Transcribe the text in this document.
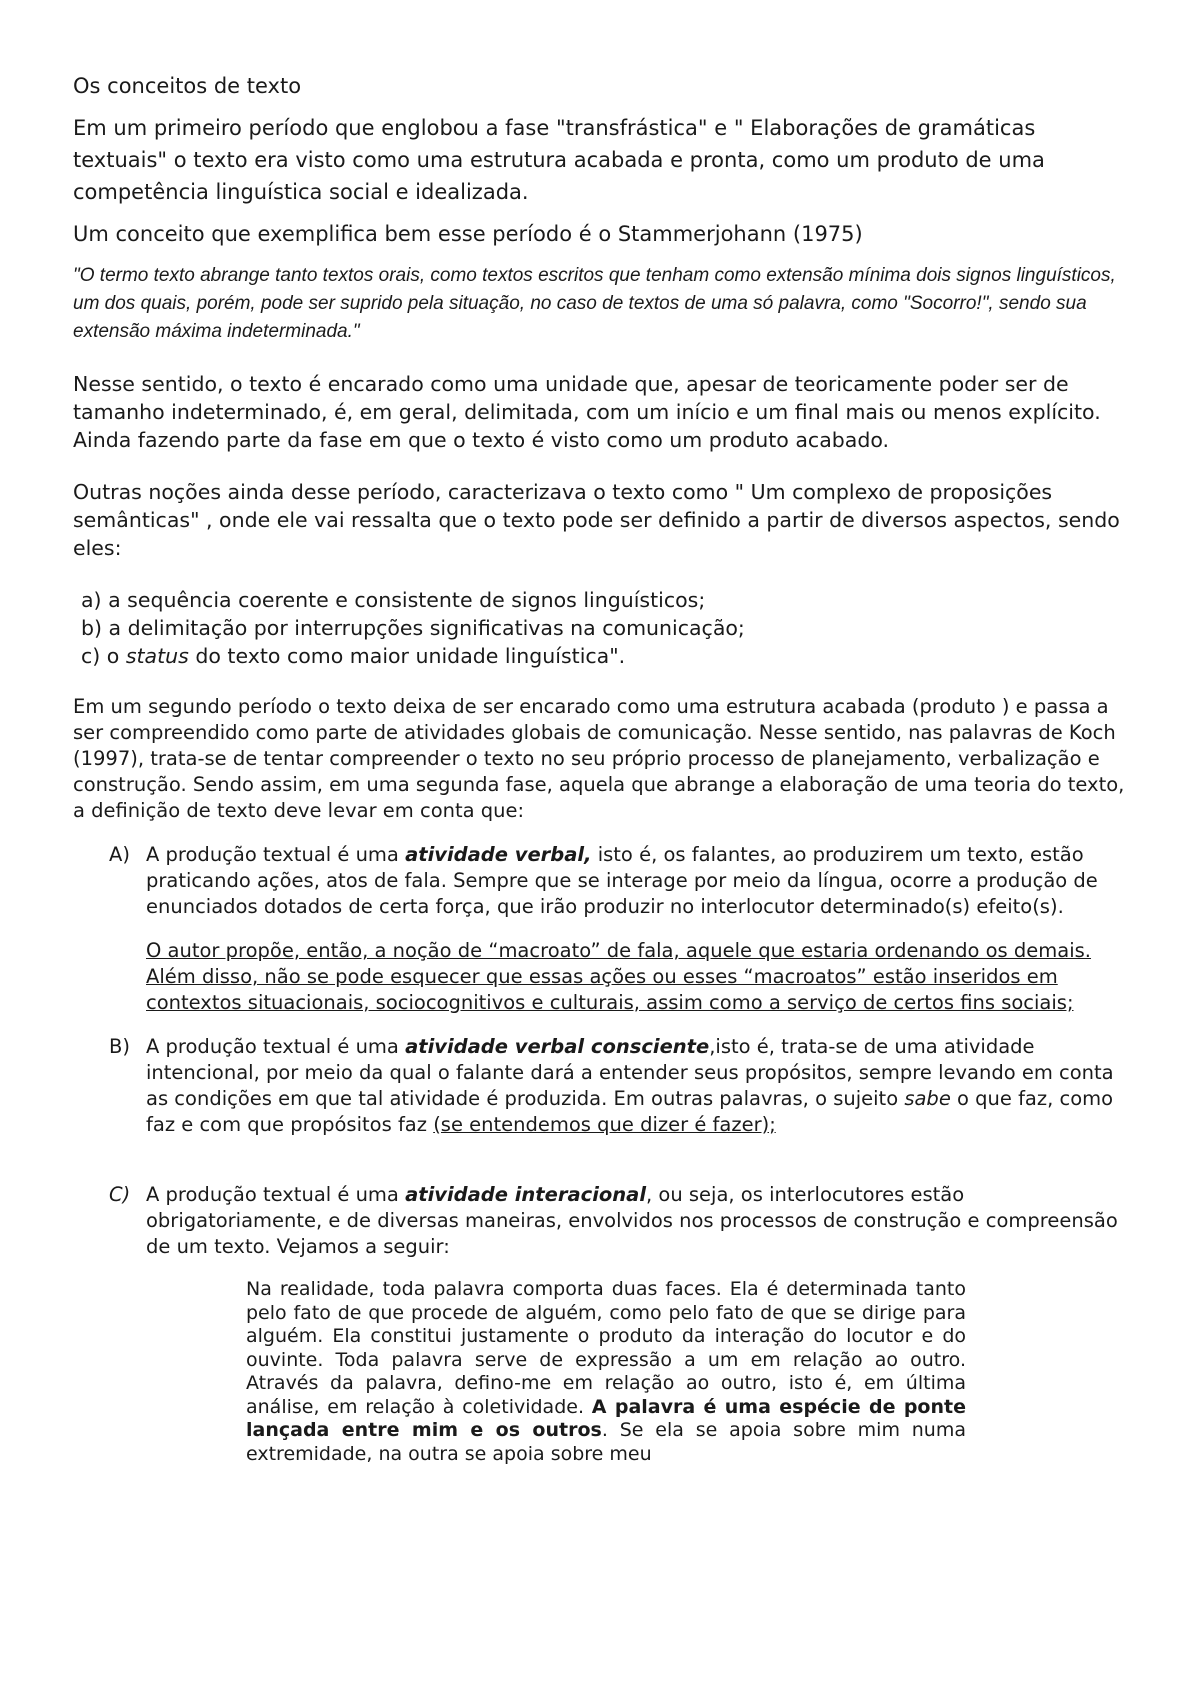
Os conceitos de texto

Em um primeiro período que englobou a fase "transfrástica" e " Elaborações de gramáticas textuais" o texto era visto como uma estrutura acabada e pronta, como um produto de uma competência linguística social e idealizada.

Um conceito que exemplifica bem esse período é o Stammerjohann (1975)

"O termo texto abrange tanto textos orais, como textos escritos que tenham como extensão mínima dois signos linguísticos, um dos quais, porém, pode ser suprido pela situação, no caso de textos de uma só palavra, como "Socorro!", sendo sua extensão máxima indeterminada."

Nesse sentido, o texto é encarado como uma unidade que, apesar de teoricamente poder ser de tamanho indeterminado, é, em geral, delimitada, com um início e um final mais ou menos explícito. Ainda fazendo parte da fase em que o texto é visto como um produto acabado.

Outras noções ainda desse período, caracterizava o texto como " Um complexo de proposições semânticas" , onde ele vai ressalta que o texto pode ser definido a partir de diversos aspectos, sendo eles:

a) a sequência coerente e consistente de signos linguísticos;
b) a delimitação por interrupções significativas na comunicação;
c) o status do texto como maior unidade linguística".

Em um segundo período o texto deixa de ser encarado como uma estrutura acabada (produto ) e passa a ser compreendido como parte de atividades globais de comunicação. Nesse sentido, nas palavras de Koch (1997), trata-se de tentar compreender o texto no seu próprio processo de planejamento, verbalização e construção. Sendo assim, em uma segunda fase, aquela que abrange a elaboração de uma teoria do texto, a definição de texto deve levar em conta que:

A) A produção textual é uma atividade verbal, isto é, os falantes, ao produzirem um texto, estão praticando ações, atos de fala. Sempre que se interage por meio da língua, ocorre a produção de enunciados dotados de certa força, que irão produzir no interlocutor determinado(s) efeito(s).
O autor propõe, então, a noção de “macroato” de fala, aquele que estaria ordenando os demais. Além disso, não se pode esquecer que essas ações ou esses “macroatos” estão inseridos em contextos situacionais, sociocognitivos e culturais, assim como a serviço de certos fins sociais;
B) A produção textual é uma atividade verbal consciente,isto é, trata-se de uma atividade intencional, por meio da qual o falante dará a entender seus propósitos, sempre levando em conta as condições em que tal atividade é produzida. Em outras palavras, o sujeito sabe o que faz, como faz e com que propósitos faz (se entendemos que dizer é fazer);
C) A produção textual é uma atividade interacional, ou seja, os interlocutores estão obrigatoriamente, e de diversas maneiras, envolvidos nos processos de construção e compreensão de um texto. Vejamos a seguir:
Na realidade, toda palavra comporta duas faces. Ela é determinada tanto pelo fato de que procede de alguém, como pelo fato de que se dirige para alguém. Ela constitui justamente o produto da interação do locutor e do ouvinte. Toda palavra serve de expressão a um em relação ao outro. Através da palavra, defino-me em relação ao outro, isto é, em última análise, em relação à coletividade. A palavra é uma espécie de ponte lançada entre mim e os outros. Se ela se apoia sobre mim numa extremidade, na outra se apoia sobre meu
